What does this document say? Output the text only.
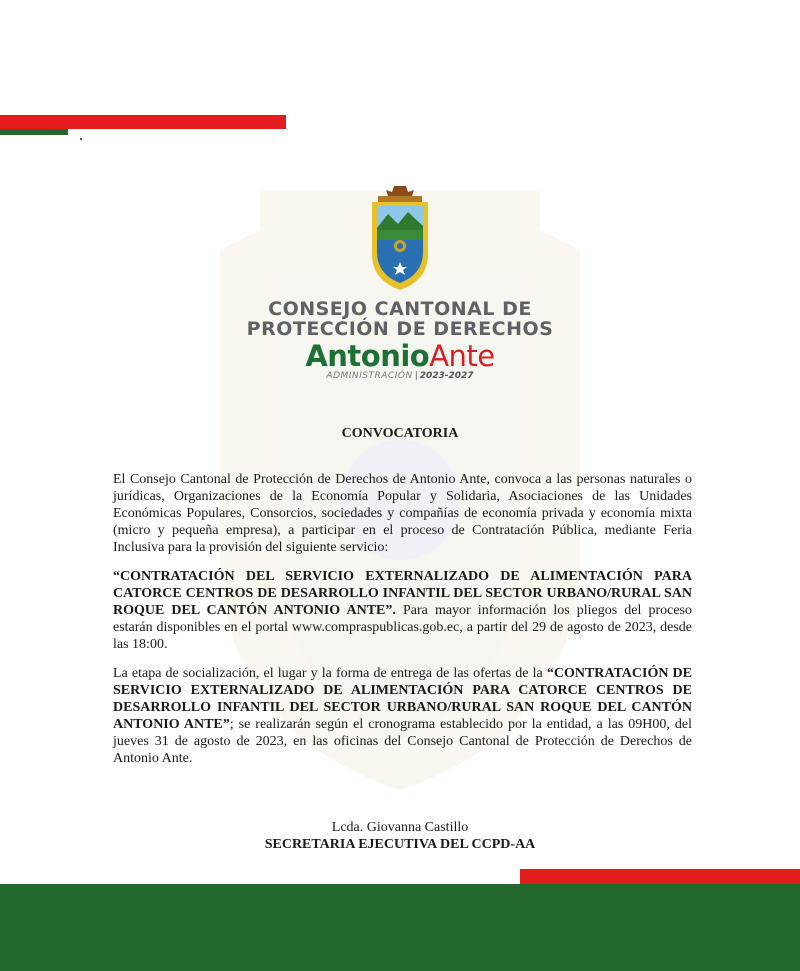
CONSEJO CANTONAL DE
PROTECCIÓN DE DERECHOS
AntonioAnte
ADMINISTRACIÓN | 2023-2027
CONVOCATORIA

El Consejo Cantonal de Protección de Derechos de Antonio Ante, convoca a las personas naturales o jurídicas, Organizaciones de la Economía Popular y Solidaria, Asociaciones de las Unidades Económicas Populares, Consorcios, sociedades y compañías de economía privada y economía mixta (micro y pequeña empresa), a participar en el proceso de Contratación Pública, mediante Feria Inclusiva para la provisión del siguiente servicio:

“CONTRATACIÓN DEL SERVICIO EXTERNALIZADO DE ALIMENTACIÓN PARA CATORCE CENTROS DE DESARROLLO INFANTIL DEL SECTOR URBANO/RURAL SAN ROQUE DEL CANTÓN ANTONIO ANTE”. Para mayor información los pliegos del proceso estarán disponibles en el portal www.compraspublicas.gob.ec, a partir del 29 de agosto de 2023, desde las 18:00.

La etapa de socialización, el lugar y la forma de entrega de las ofertas de la “CONTRATACIÓN DE SERVICIO EXTERNALIZADO DE ALIMENTACIÓN PARA CATORCE CENTROS DE DESARROLLO INFANTIL DEL SECTOR URBANO/RURAL SAN ROQUE DEL CANTÓN ANTONIO ANTE”; se realizarán según el cronograma establecido por la entidad, a las 09H00, del jueves 31 de agosto de 2023, en las oficinas del Consejo Cantonal de Protección de Derechos de Antonio Ante.

Lcda. Giovanna Castillo
SECRETARIA EJECUTIVA DEL CCPD-AA
